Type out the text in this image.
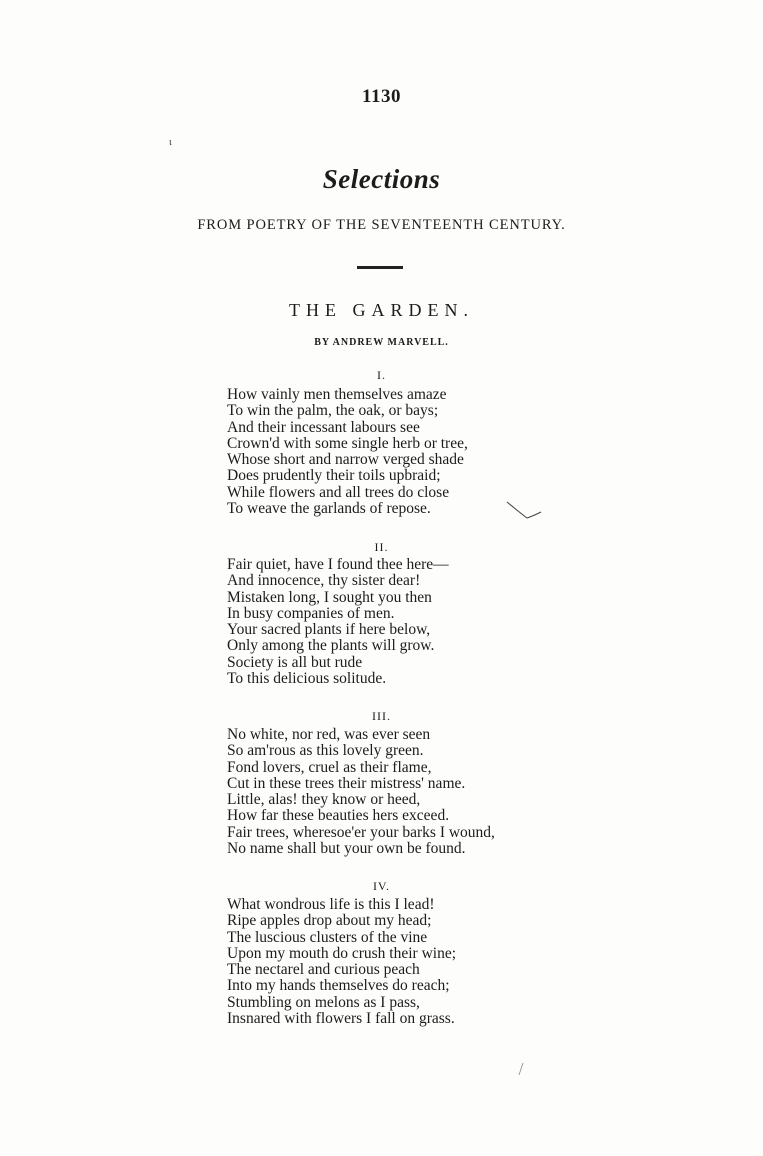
1130
ι
Selections
FROM POETRY OF THE SEVENTEENTH CENTURY.
THE GARDEN.
BY ANDREW MARVELL.
I.
How vainly men themselves amaze
To win the palm, the oak, or bays;
And their incessant labours see
Crown'd with some single herb or tree,
Whose short and narrow verged shade
Does prudently their toils upbraid;
While flowers and all trees do close
To weave the garlands of repose.
II.
Fair quiet, have I found thee here—
And innocence, thy sister dear!
Mistaken long, I sought you then
In busy companies of men.
Your sacred plants if here below,
Only among the plants will grow.
Society is all but rude
To this delicious solitude.
III.
No white, nor red, was ever seen
So am'rous as this lovely green.
Fond lovers, cruel as their flame,
Cut in these trees their mistress' name.
Little, alas! they know or heed,
How far these beauties hers exceed.
Fair trees, wheresoe'er your barks I wound,
No name shall but your own be found.
IV.
What wondrous life is this I lead!
Ripe apples drop about my head;
The luscious clusters of the vine
Upon my mouth do crush their wine;
The nectarel and curious peach
Into my hands themselves do reach;
Stumbling on melons as I pass,
Insnared with flowers I fall on grass.
